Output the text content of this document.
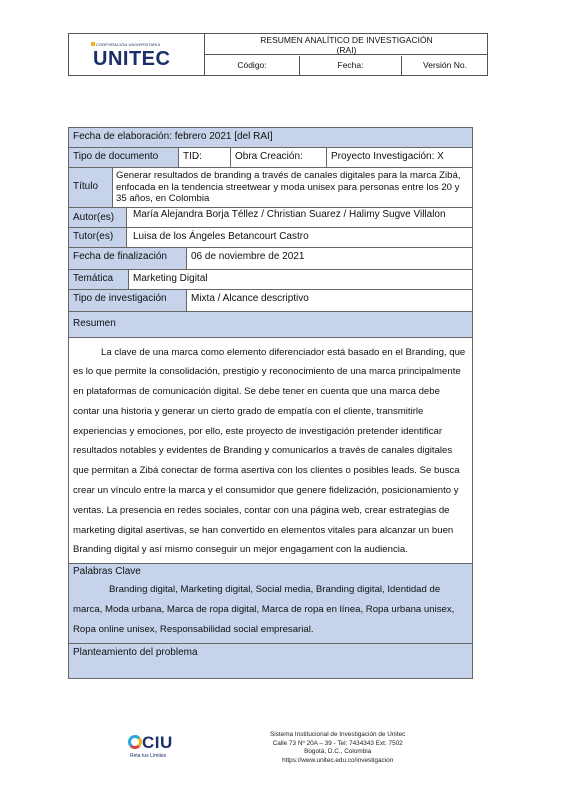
CORPORACIÓN UNIVERSITARIA
UNITEC
RESUMEN ANALÍTICO DE INVESTIGACIÓN
(RAI)
Código:	Fecha:	Versión No.
Fecha de elaboración: febrero 2021 [del RAI]
Tipo de documento	TID:	Obra Creación:	Proyecto Investigación: X
Título
Generar resultados de branding a través de canales digitales para la marca Zibá, enfocada en la tendencia streetwear y moda unisex para personas entre los 20 y 35 años, en Colombia
Autor(es)	María Alejandra Borja Téllez / Christian Suarez / Halimy Sugve Villalon
Tutor(es)	Luisa de los Ángeles Betancourt Castro
Fecha de finalización	06 de noviembre de 2021
Temática	Marketing Digital
Tipo de investigación	Mixta / Alcance descriptivo
Resumen
La clave de una marca como elemento diferenciador está basado en el Branding, que es lo que permite la consolidación, prestigio y reconocimiento de una marca principalmente en plataformas de comunicación digital. Se debe tener en cuenta que una marca debe contar una historia y generar un cierto grado de empatía con el cliente, transmitirle experiencias y emociones, por ello, este proyecto de investigación pretender identificar resultados notables y evidentes de Branding y comunicarlos a través de canales digitales que permitan a Zibá conectar de forma asertiva con los clientes o posibles leads. Se busca crear un vínculo entre la marca y el consumidor que genere fidelización, posicionamiento y ventas. La presencia en redes sociales, contar con una página web, crear estrategias de marketing digital asertivas, se han convertido en elementos vitales para alcanzar un buen Branding digital y así mismo conseguir un mejor engagament con la audiencia.
Palabras Clave
Branding digital, Marketing digital, Social media, Branding digital, Identidad de marca, Moda urbana, Marca de ropa digital, Marca de ropa en línea, Ropa urbana unisex, Ropa online unisex, Responsabilidad social empresarial.
Planteamiento del problema
CIU
Reta tus Límites
Sistema Institucional de Investigación de Unitec
Calle 73 Nº 20A – 39 - Tel: 7434343 Ext: 7502
Bogotá, D.C., Colombia
https://www.unitec.edu.co/investigacion
